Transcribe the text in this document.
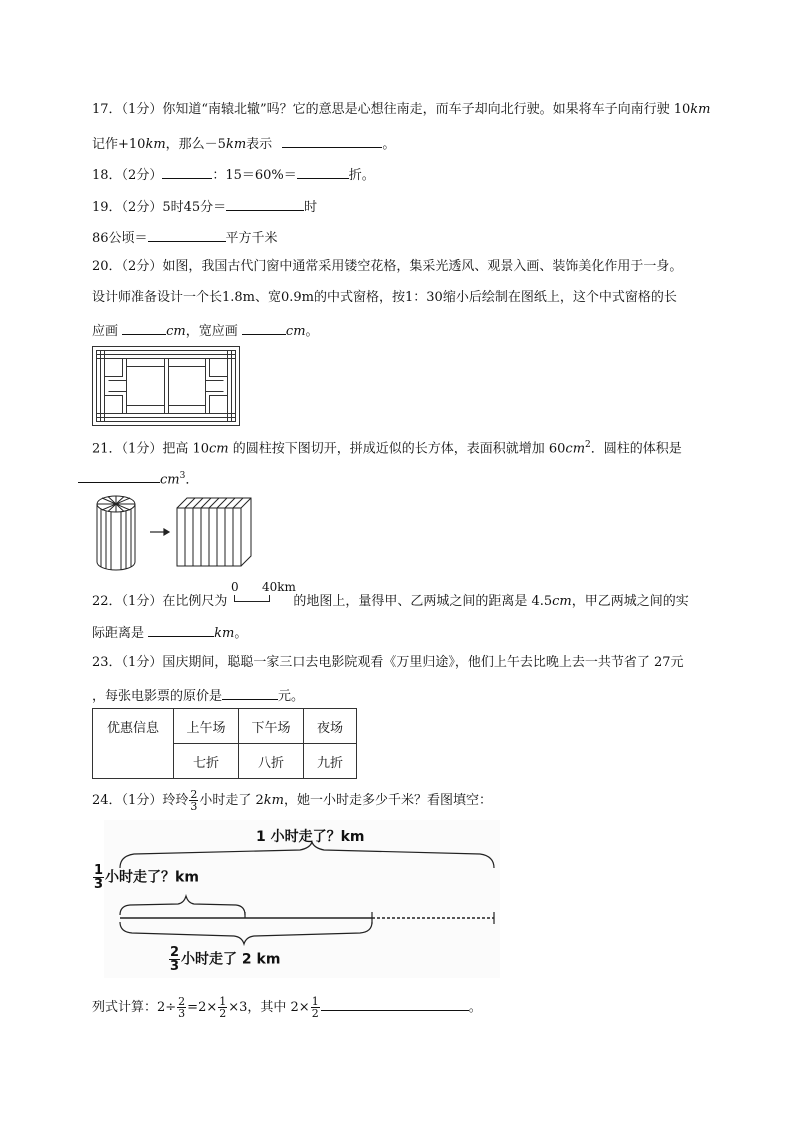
17．（1分）你知道“南辕北辙”吗？它的意思是心想往南走，而车子却向北行驶。如果将车子向南行驶 10km
记作+10km，那么－5km表示	。
18．（2分）	：15＝60%＝	折。
19．（2分）5时45分＝	时
86公顷＝	平方千米
20．（2分）如图，我国古代门窗中通常采用镂空花格，集采光透风、观景入画、装饰美化作用于一身。
设计师准备设计一个长1.8m、宽0.9m的中式窗格，按1：30缩小后绘制在图纸上，这个中式窗格的长
应画	cm，宽应画	cm。
21．（1分）把高 10cm 的圆柱按下图切开，拼成近似的长方体，表面积就增加 $60cm^2$．圆柱的体积是
$cm^3$．
22．（1分）在比例尺为	的地图上，量得甲、乙两城之间的距离是 4.5cm，甲乙两城之间的实
0 40km
际距离是	km。
23．（1分）国庆期间，聪聪一家三口去电影院观看《万里归途》，他们上午去比晚上去一共节省了 27元
，每张电影票的原价是	元。
优惠信息	上午场	下午场	夜场
	七折	八折	九折
24．（1分）玲玲 $\frac{2}{3}$ 小时走了 2km，她一小时走多少千米？看图填空：
1 小时走了？km
$\frac{1}{3}$ 小时走了？km
$\frac{2}{3}$ 小时走了 2 km
列式计算：$2\div \frac{2}{3} =2\times \frac{1}{2} \times 3$，其中 $2\times \frac{1}{2}$	。
